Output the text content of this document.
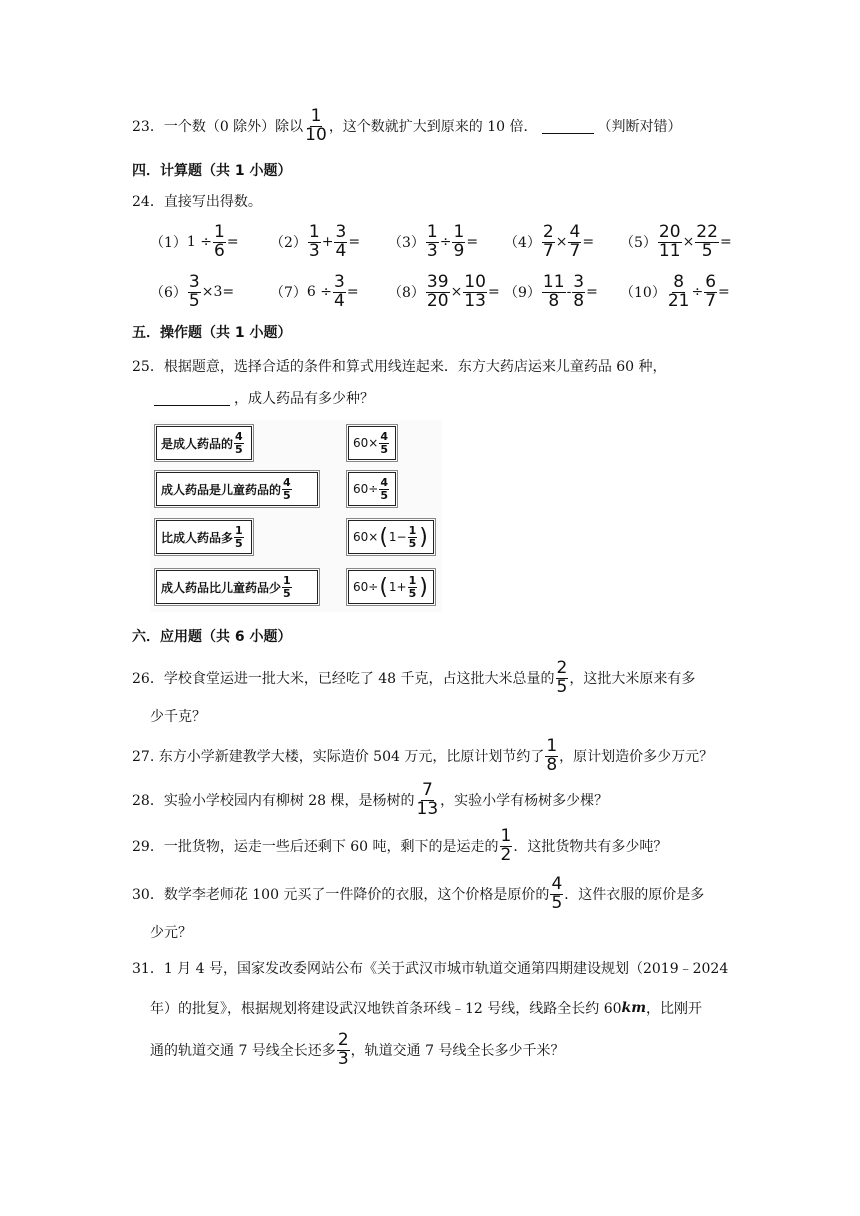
23．一个数（0 除外）除以 $\frac{1}{10}$ ，这个数就扩大到原来的 10 倍．	（判断对错）
四．计算题（共 1 小题）
24．直接写出得数。
（1） $1 \div \frac{1}{6} = (2) \frac{1}{3} + \frac{3}{4} = (3) \frac{1}{3} \div \frac{1}{9} = (4) \frac{2}{7} \times \frac{4}{7} = (5) \frac{20}{11} \times \frac{22}{5}$ =
$(6) \frac{3}{5} \times 3$ =	（7） $6 \div \frac{3}{4} = (8) \frac{39}{20} \times \frac{10}{13} = (9) \frac{11}{8} - \frac{3}{8} = (10) \frac{8}{21} \div \frac{6}{7}$ =
五．操作题（共 1 小题）
25．根据题意，选择合适的条件和算式用线连起来．东方大药店运来儿童药品 60 种，
，成人药品有多少种？
是成人药品的 $\frac{4}{5}$
成人药品是儿童药品的 $\frac{4}{5}$
比成人药品多 $\frac{1}{5}$
成人药品比儿童药品少 $\frac{1}{5}$
$60\times \frac{4}{5}$
$60\div \frac{4}{5}$
60× ( $1- \frac{1}{5}$ )
60÷ ( $1+ \frac{1}{5}$ )
六．应用题（共 6 小题）
26．学校食堂运进一批大米，已经吃了 48 千克，占这批大米总量的 $\frac{2}{5}$ ，这批大米原来有多
少千克？
27. 东方小学新建教学大楼，实际造价 504 万元，比原计划节约了 $\frac{1}{8}$ ，原计划造价多少万元？
28．实验小学校园内有柳树 28 棵，是杨树的 $\frac{7}{13}$ ，实验小学有杨树多少棵？
29．一批货物，运走一些后还剩下 60 吨，剩下的是运走的 $\frac{1}{2}$ ．这批货物共有多少吨？
30．数学李老师花 100 元买了一件降价的衣服，这个价格是原价的 $\frac{4}{5}$ ．这件衣服的原价是多
少元？
31．1 月 4 号，国家发改委网站公布《关于武汉市城市轨道交通第四期建设规划（2019﹣2024
年）的批复》，根据规划将建设武汉地铁首条环线﹣12 号线，线路全长约 60 km ，比刚开
通的轨道交通 7 号线全长还多 $\frac{2}{3}$ ，轨道交通 7 号线全长多少千米？
